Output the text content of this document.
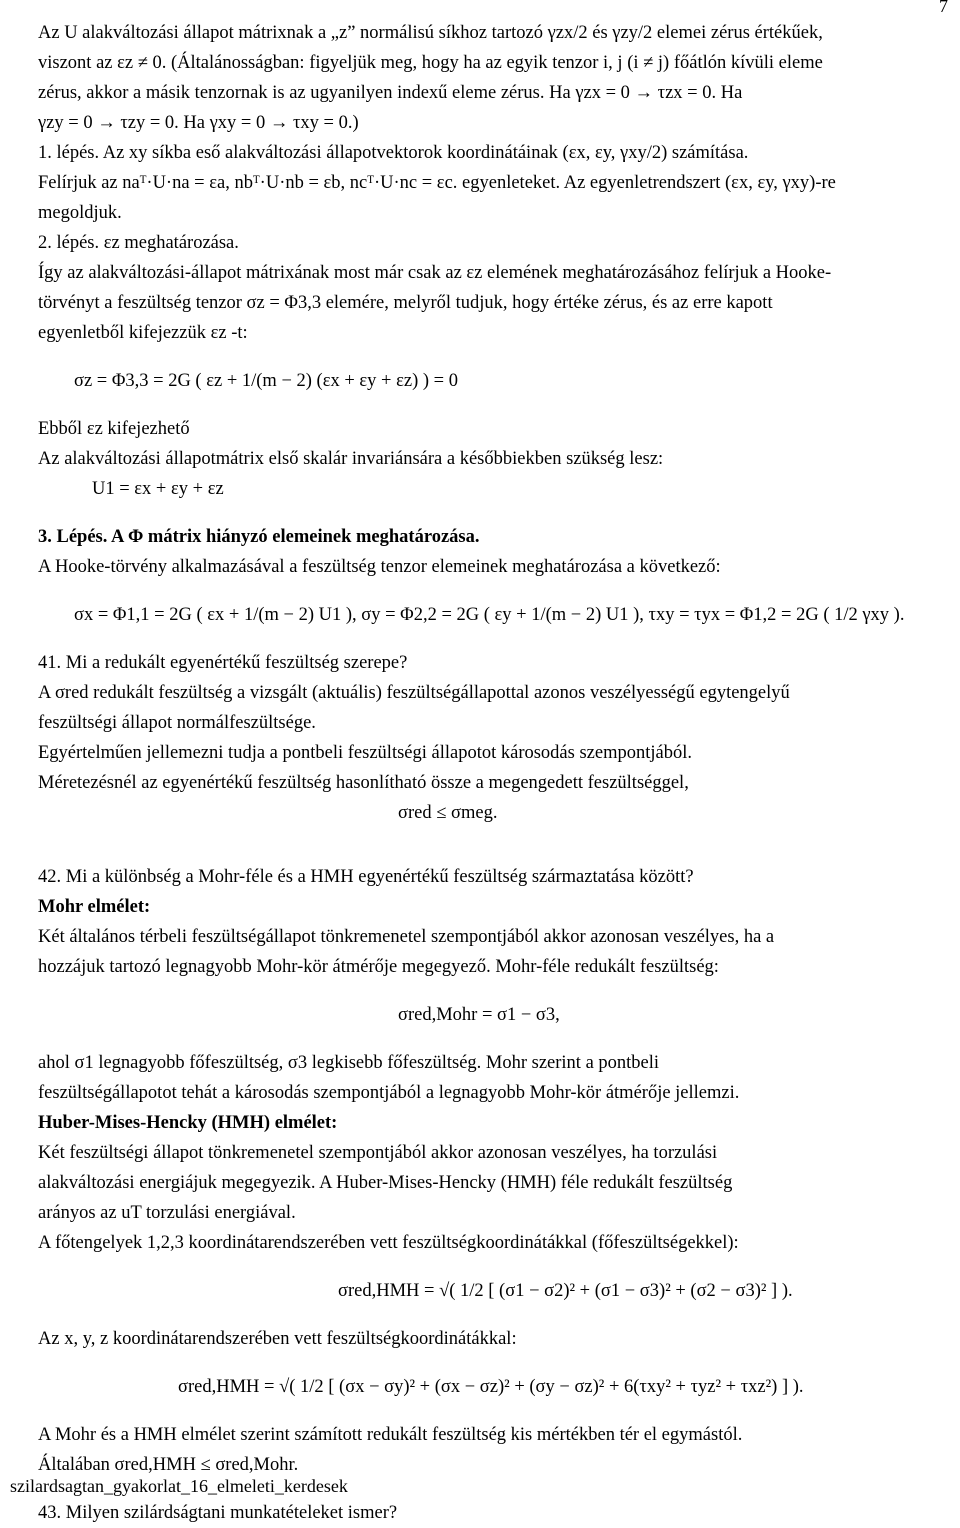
7

Az U alakváltozási állapot mátrixnak a „z” normálisú síkhoz tartozó γzx/2 és γzy/2 elemei zérus értékűek,

viszont az εz ≠ 0. (Általánosságban: figyeljük meg, hogy ha az egyik tenzor i, j (i ≠ j) főátlón kívüli eleme

zérus, akkor a másik tenzornak is az ugyanilyen indexű eleme zérus. Ha γzx = 0 → τzx = 0. Ha

γzy = 0 → τzy = 0. Ha γxy = 0 → τxy = 0.)

1. lépés. Az xy síkba eső alakváltozási állapotvektorok koordinátáinak (εx, εy, γxy/2) számítása.

Felírjuk az naᵀ·U·na = εa, nbᵀ·U·nb = εb, ncᵀ·U·nc = εc. egyenleteket. Az egyenletrendszert (εx, εy, γxy)-re

megoldjuk.

2. lépés. εz meghatározása.

Így az alakváltozási-állapot mátrixának most már csak az εz elemének meghatározásához felírjuk a Hooke-

törvényt a feszültség tenzor σz = Φ3,3 elemére, melyről tudjuk, hogy értéke zérus, és az erre kapott

egyenletből kifejezzük εz -t:

σz = Φ3,3 = 2G ( εz + 1/(m − 2) (εx + εy + εz) ) = 0

Ebből εz kifejezhető

Az alakváltozási állapotmátrix első skalár invariánsára a későbbiekben szükség lesz:

U1 = εx + εy + εz

3. Lépés. A Φ mátrix hiányzó elemeinek meghatározása.

A Hooke-törvény alkalmazásával a feszültség tenzor elemeinek meghatározása a következő:

σx = Φ1,1 = 2G ( εx + 1/(m − 2) U1 ), σy = Φ2,2 = 2G ( εy + 1/(m − 2) U1 ), τxy = τyx = Φ1,2 = 2G ( 1/2 γxy ).

41. Mi a redukált egyenértékű feszültség szerepe?

A σred redukált feszültség a vizsgált (aktuális) feszültségállapottal azonos veszélyességű egytengelyű

feszültségi állapot normálfeszültsége.

Egyértelműen jellemezni tudja a pontbeli feszültségi állapotot károsodás szempontjából.

Méretezésnél az egyenértékű feszültség hasonlítható össze a megengedett feszültséggel,

σred ≤ σmeg.

42. Mi a különbség a Mohr-féle és a HMH egyenértékű feszültség származtatása között?

Mohr elmélet:

Két általános térbeli feszültségállapot tönkremenetel szempontjából akkor azonosan veszélyes, ha a

hozzájuk tartozó legnagyobb Mohr-kör átmérője megegyező. Mohr-féle redukált feszültség:

σred,Mohr = σ1 − σ3,

ahol σ1 legnagyobb főfeszültség, σ3 legkisebb főfeszültség. Mohr szerint a pontbeli

feszültségállapotot tehát a károsodás szempontjából a legnagyobb Mohr-kör átmérője jellemzi.

Huber-Mises-Hencky (HMH) elmélet:

Két feszültségi állapot tönkremenetel szempontjából akkor azonosan veszélyes, ha torzulási

alakváltozási energiájuk megegyezik. A Huber-Mises-Hencky (HMH) féle redukált feszültség

arányos az uT torzulási energiával.

A főtengelyek 1,2,3 koordinátarendszerében vett feszültségkoordinátákkal (főfeszültségekkel):

σred,HMH = √( 1/2 [ (σ1 − σ2)² + (σ1 − σ3)² + (σ2 − σ3)² ] ).

Az x, y, z koordinátarendszerében vett feszültségkoordinátákkal:

σred,HMH = √( 1/2 [ (σx − σy)² + (σx − σz)² + (σy − σz)² + 6(τxy² + τyz² + τxz²) ] ).

A Mohr és a HMH elmélet szerint számított redukált feszültség kis mértékben tér el egymástól.

Általában σred,HMH ≤ σred,Mohr.

43. Milyen szilárdságtani munkatételeket ismer?

szilardsagtan_gyakorlat_16_elmeleti_kerdesek
